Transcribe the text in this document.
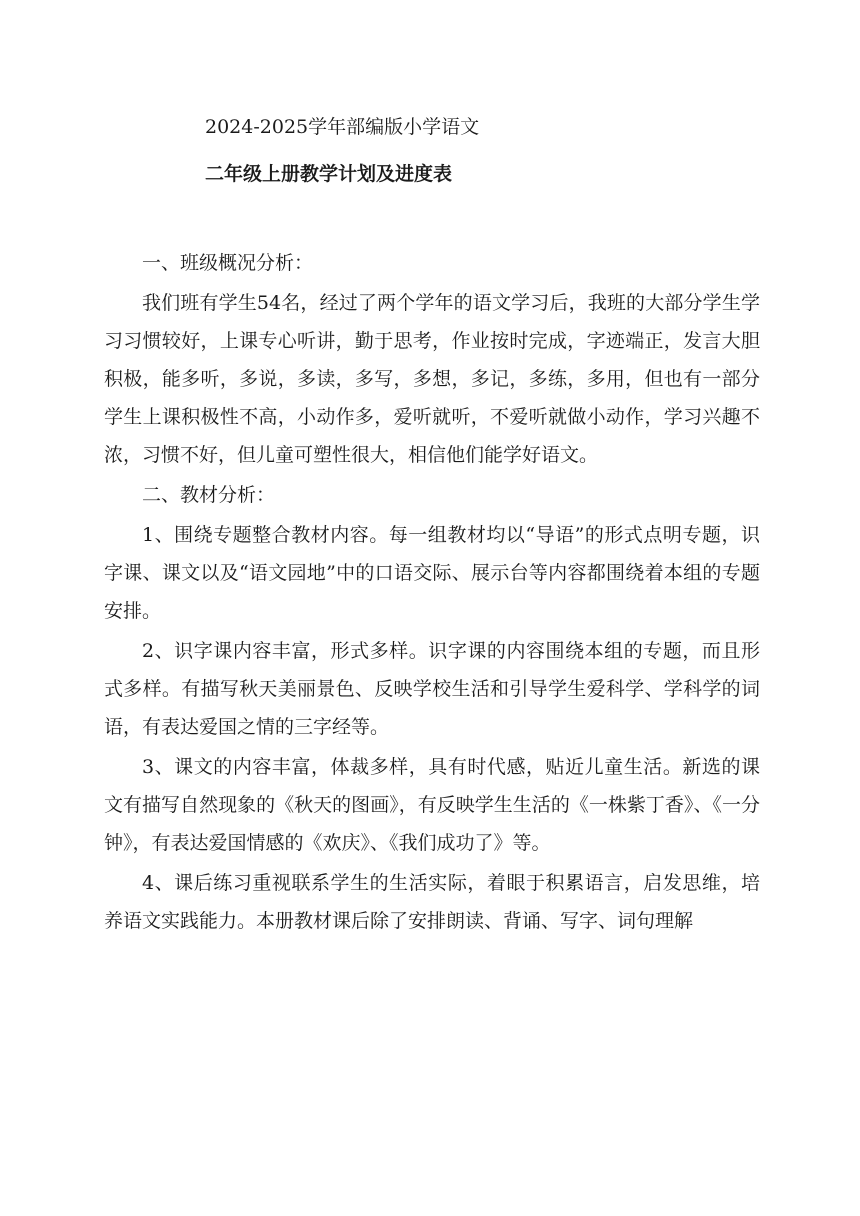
2024-2025学年部编版小学语文
二年级上册教学计划及进度表
一、班级概况分析：
我们班有学生54名，经过了两个学年的语文学习后，我班的大部分学生学习习惯较好，上课专心听讲，勤于思考，作业按时完成，字迹端正，发言大胆积极，能多听，多说，多读，多写，多想，多记，多练，多用，但也有一部分学生上课积极性不高，小动作多，爱听就听，不爱听就做小动作，学习兴趣不浓，习惯不好，但儿童可塑性很大，相信他们能学好语文。
二、教材分析：
1、围绕专题整合教材内容。每一组教材均以“导语”的形式点明专题，识字课、课文以及“语文园地”中的口语交际、展示台等内容都围绕着本组的专题安排。
2、识字课内容丰富，形式多样。识字课的内容围绕本组的专题，而且形式多样。有描写秋天美丽景色、反映学校生活和引导学生爱科学、学科学的词语，有表达爱国之情的三字经等。
3、课文的内容丰富，体裁多样，具有时代感，贴近儿童生活。新选的课文有描写自然现象的《秋天的图画》，有反映学生生活的《一株紫丁香》、《一分钟》，有表达爱国情感的《欢庆》、《我们成功了》等。
4、课后练习重视联系学生的生活实际，着眼于积累语言，启发思维，培养语文实践能力。本册教材课后除了安排朗读、背诵、写字、词句理解
